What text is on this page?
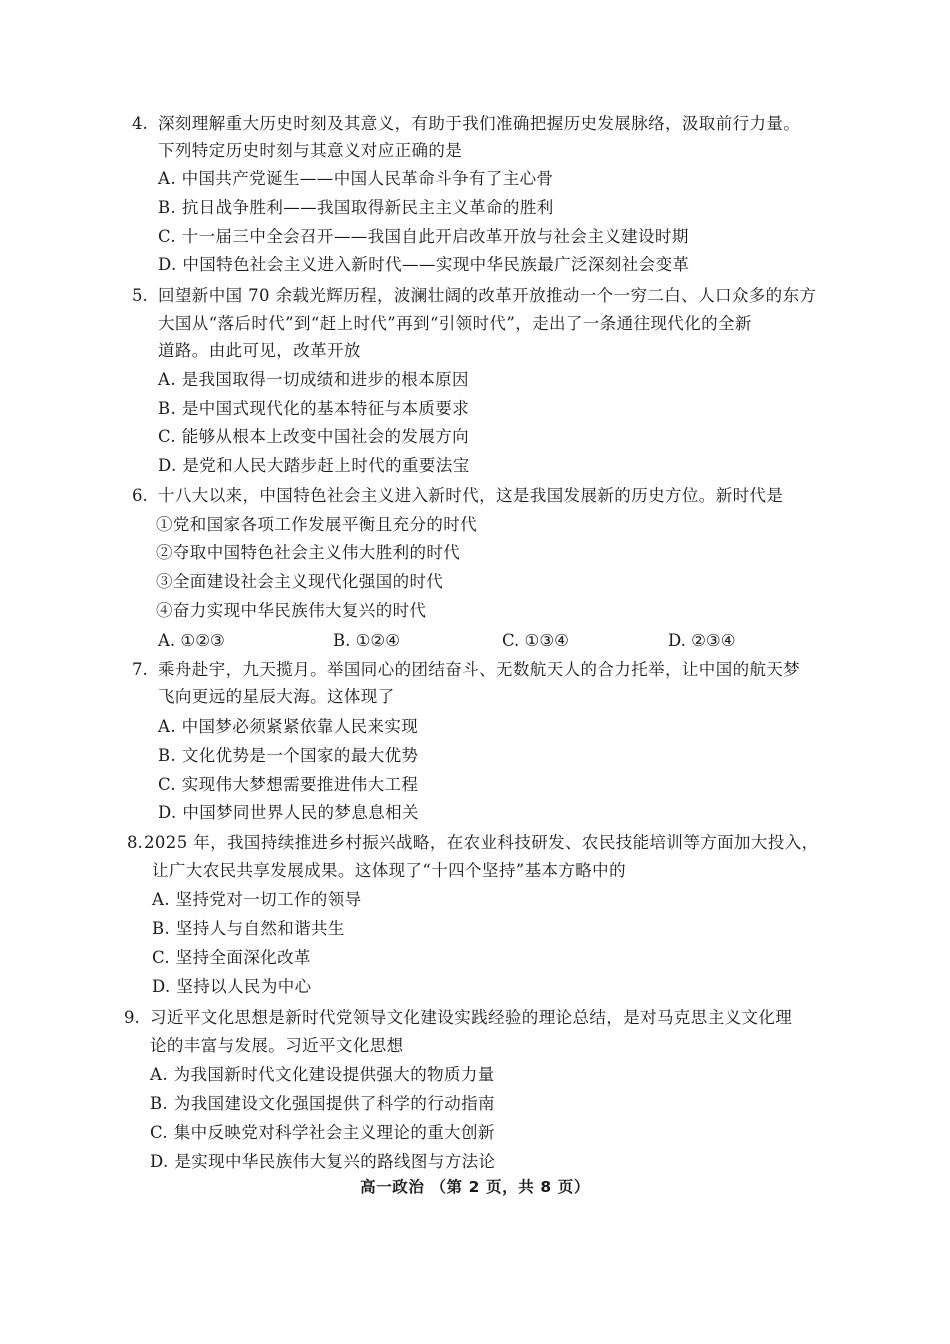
4. 深刻理解重大历史时刻及其意义，有助于我们准确把握历史发展脉络，汲取前行力量。
下列特定历史时刻与其意义对应正确的是
A. 中国共产党诞生——中国人民革命斗争有了主心骨
B. 抗日战争胜利——我国取得新民主主义革命的胜利
C. 十一届三中全会召开——我国自此开启改革开放与社会主义建设时期
D. 中国特色社会主义进入新时代——实现中华民族最广泛深刻社会变革
5. 回望新中国 70 余载光辉历程，波澜壮阔的改革开放推动一个一穷二白、人口众多的东方
大国从“落后时代”到“赶上时代”再到“引领时代”，走出了一条通往现代化的全新
道路。由此可见，改革开放
A. 是我国取得一切成绩和进步的根本原因
B. 是中国式现代化的基本特征与本质要求
C. 能够从根本上改变中国社会的发展方向
D. 是党和人民大踏步赶上时代的重要法宝
6. 十八大以来，中国特色社会主义进入新时代，这是我国发展新的历史方位。新时代是
①党和国家各项工作发展平衡且充分的时代
②夺取中国特色社会主义伟大胜利的时代
③全面建设社会主义现代化强国的时代
④奋力实现中华民族伟大复兴的时代
A. ①②③	B. ①②④	C. ①③④	D. ②③④
7. 乘舟赴宇，九天揽月。举国同心的团结奋斗、无数航天人的合力托举，让中国的航天梦
飞向更远的星辰大海。这体现了
A. 中国梦必须紧紧依靠人民来实现
B. 文化优势是一个国家的最大优势
C. 实现伟大梦想需要推进伟大工程
D. 中国梦同世界人民的梦息息相关
8. 2025 年，我国持续推进乡村振兴战略，在农业科技研发、农民技能培训等方面加大投入，
让广大农民共享发展成果。这体现了“十四个坚持”基本方略中的
A. 坚持党对一切工作的领导
B. 坚持人与自然和谐共生
C. 坚持全面深化改革
D. 坚持以人民为中心
9. 习近平文化思想是新时代党领导文化建设实践经验的理论总结，是对马克思主义文化理
论的丰富与发展。习近平文化思想
A. 为我国新时代文化建设提供强大的物质力量
B. 为我国建设文化强国提供了科学的行动指南
C. 集中反映党对科学社会主义理论的重大创新
D. 是实现中华民族伟大复兴的路线图与方法论
高一政治 （第 2 页，共 8 页）
